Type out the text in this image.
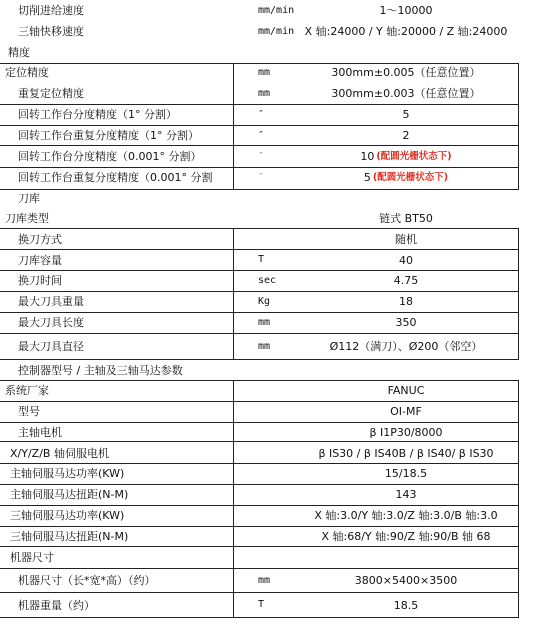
切削进给速度	mm/min	1～10000
三轴快移速度	mm/min X 轴:24000 / Y 轴:20000 / Z 轴:24000
精度
定位精度	mm	300mm±0.005（任意位置）
重复定位精度	mm	300mm±0.003（任意位置）
回转工作台分度精度（1° 分割）	″	5
回转工作台重复分度精度（1° 分割）	″	2
回转工作台分度精度（0.001° 分割）	″	10 (配圆光栅状态下)
回转工作台重复分度精度（0.001° 分割	″	5 (配圆光栅状态下)
刀库
刀库类型	链式 BT50
换刀方式	随机
刀库容量	T	40
换刀时间	sec	4.75
最大刀具重量	Kg	18
最大刀具长度	mm	350
最大刀具直径	mm	Ø112（满刀）、Ø200（邻空）
控制器型号 / 主轴及三轴马达参数
系统厂家	FANUC
型号	OI-MF
主轴电机	β I1P30/8000
X/Y/Z/B 轴伺服电机	β IS30 / β IS40B / β IS40/ β IS30
主轴伺服马达功率(KW)	15/18.5
主轴伺服马达扭距(N-M)	143
三轴伺服马达功率(KW)	X 轴:3.0/Y 轴:3.0/Z 轴:3.0/B 轴:3.0
三轴伺服马达扭距(N-M)	X 轴:68/Y 轴:90/Z 轴:90/B 轴 68
机器尺寸
机器尺寸（长*宽*高）（约）	mm	3800×5400×3500
机器重量（约）	T	18.5
